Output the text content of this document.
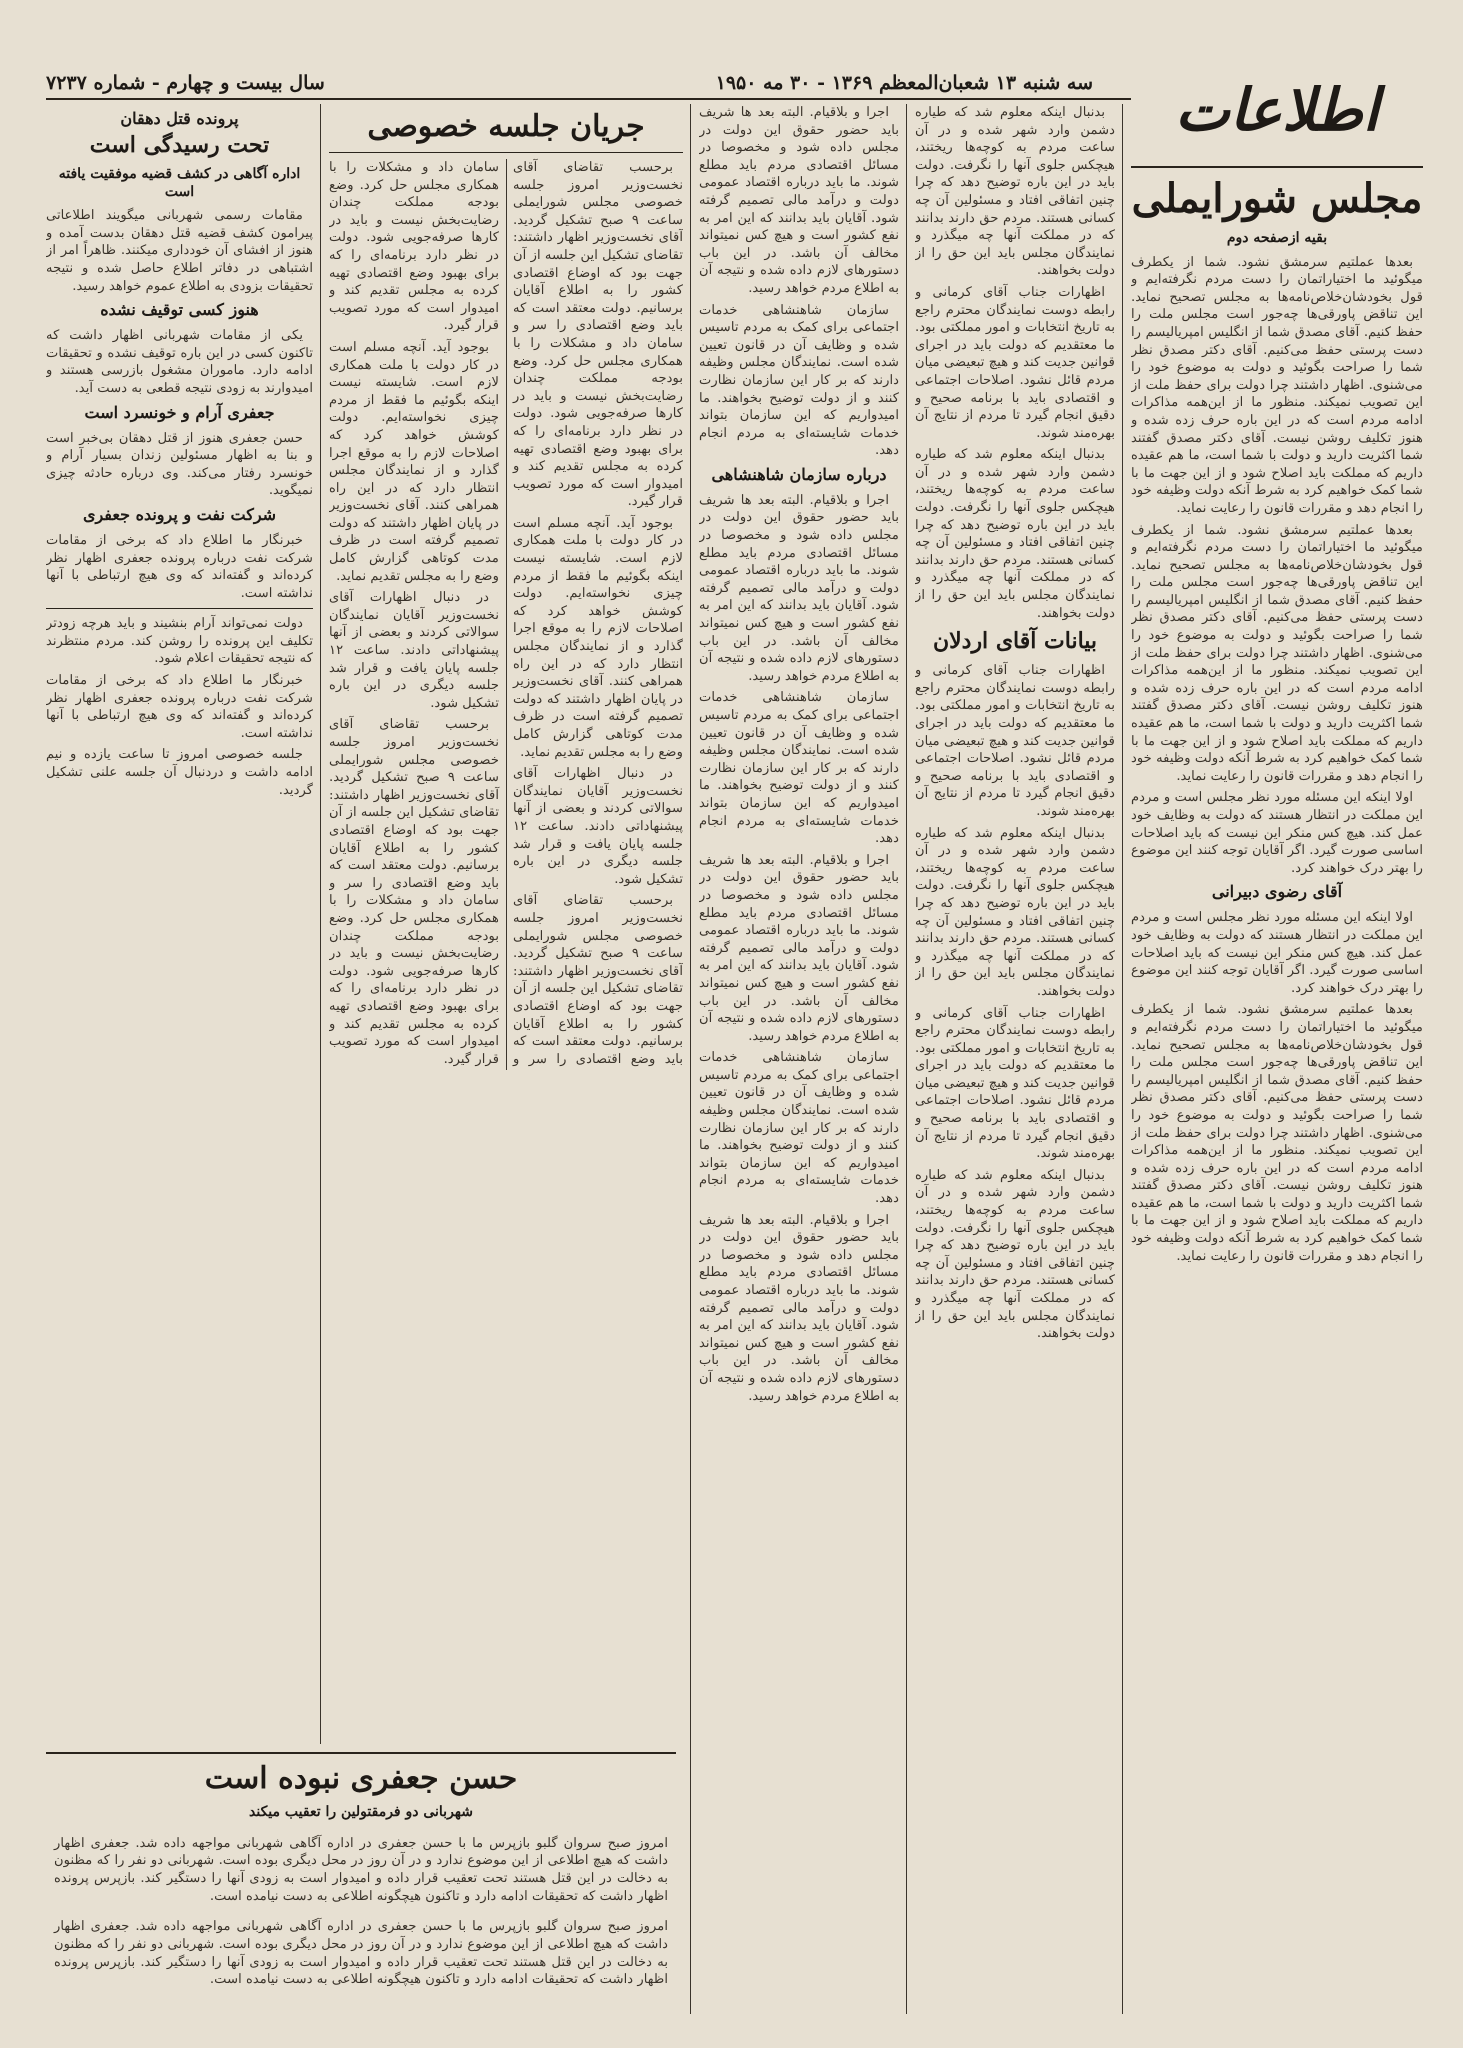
سه شنبه ۱۳ شعبان‌المعظم ۱۳۶۹ - ۳۰ مه ۱۹۵۰
سال بیست و چهارم - شماره ۷۲۳۷	اطلاعات
مجلس شورایملی
بقیه ازصفحه دوم

بعدها عملتیم سرمشق نشود. شما از یکطرف میگوئید ما اختیاراتمان را دست مردم نگرفته‌ایم و قول بخودشان‌خلاص‌نامه‌ها به مجلس تصحیح نماید. این تناقض پاورقی‌ها چه‌جور است مجلس ملت را حفظ کنیم. آقای مصدق شما از انگلیس امپریالیسم را دست پرستی حفظ می‌کنیم. آقای دکتر مصدق نظر شما را صراحت بگوئید و دولت به موضوع خود را می‌شنوی. اظهار داشتند چرا دولت برای حفظ ملت از این تصویب نمیکند. منظور ما از این‌همه مذاکرات ادامه مردم است که در این باره حرف زده شده و هنوز تکلیف روشن نیست. آقای دکتر مصدق گفتند شما اکثریت دارید و دولت با شما است، ما هم عقیده داریم که مملکت باید اصلاح شود و از این جهت ما با شما کمک خواهیم کرد به شرط آنکه دولت وظیفه خود را انجام دهد و مقررات قانون را رعایت نماید.

بعدها عملتیم سرمشق نشود. شما از یکطرف میگوئید ما اختیاراتمان را دست مردم نگرفته‌ایم و قول بخودشان‌خلاص‌نامه‌ها به مجلس تصحیح نماید. این تناقض پاورقی‌ها چه‌جور است مجلس ملت را حفظ کنیم. آقای مصدق شما از انگلیس امپریالیسم را دست پرستی حفظ می‌کنیم. آقای دکتر مصدق نظر شما را صراحت بگوئید و دولت به موضوع خود را می‌شنوی. اظهار داشتند چرا دولت برای حفظ ملت از این تصویب نمیکند. منظور ما از این‌همه مذاکرات ادامه مردم است که در این باره حرف زده شده و هنوز تکلیف روشن نیست. آقای دکتر مصدق گفتند شما اکثریت دارید و دولت با شما است، ما هم عقیده داریم که مملکت باید اصلاح شود و از این جهت ما با شما کمک خواهیم کرد به شرط آنکه دولت وظیفه خود را انجام دهد و مقررات قانون را رعایت نماید.

اولا اینکه این مسئله مورد نظر مجلس است و مردم این مملکت در انتظار هستند که دولت به وظایف خود عمل کند. هیچ کس منکر این نیست که باید اصلاحات اساسی صورت گیرد. اگر آقایان توجه کنند این موضوع را بهتر درک خواهند کرد.

آقای رضوی دبیرانی

اولا اینکه این مسئله مورد نظر مجلس است و مردم این مملکت در انتظار هستند که دولت به وظایف خود عمل کند. هیچ کس منکر این نیست که باید اصلاحات اساسی صورت گیرد. اگر آقایان توجه کنند این موضوع را بهتر درک خواهند کرد.

بعدها عملتیم سرمشق نشود. شما از یکطرف میگوئید ما اختیاراتمان را دست مردم نگرفته‌ایم و قول بخودشان‌خلاص‌نامه‌ها به مجلس تصحیح نماید. این تناقض پاورقی‌ها چه‌جور است مجلس ملت را حفظ کنیم. آقای مصدق شما از انگلیس امپریالیسم را دست پرستی حفظ می‌کنیم. آقای دکتر مصدق نظر شما را صراحت بگوئید و دولت به موضوع خود را می‌شنوی. اظهار داشتند چرا دولت برای حفظ ملت از این تصویب نمیکند. منظور ما از این‌همه مذاکرات ادامه مردم است که در این باره حرف زده شده و هنوز تکلیف روشن نیست. آقای دکتر مصدق گفتند شما اکثریت دارید و دولت با شما است، ما هم عقیده داریم که مملکت باید اصلاح شود و از این جهت ما با شما کمک خواهیم کرد به شرط آنکه دولت وظیفه خود را انجام دهد و مقررات قانون را رعایت نماید.

بدنبال اینکه معلوم شد که طیاره دشمن وارد شهر شده و در آن ساعت مردم به کوچه‌ها ریختند، هیچکس جلوی آنها را نگرفت. دولت باید در این باره توضیح دهد که چرا چنین اتفاقی افتاد و مسئولین آن چه کسانی هستند. مردم حق دارند بدانند که در مملکت آنها چه میگذرد و نمایندگان مجلس باید این حق را از دولت بخواهند.

اظهارات جناب آقای کرمانی و رابطه دوست نمایندگان محترم راجع به تاریخ انتخابات و امور مملکتی بود. ما معتقدیم که دولت باید در اجرای قوانین جدیت کند و هیچ تبعیضی میان مردم قائل نشود. اصلاحات اجتماعی و اقتصادی باید با برنامه صحیح و دقیق انجام گیرد تا مردم از نتایج آن بهره‌مند شوند.

بدنبال اینکه معلوم شد که طیاره دشمن وارد شهر شده و در آن ساعت مردم به کوچه‌ها ریختند، هیچکس جلوی آنها را نگرفت. دولت باید در این باره توضیح دهد که چرا چنین اتفاقی افتاد و مسئولین آن چه کسانی هستند. مردم حق دارند بدانند که در مملکت آنها چه میگذرد و نمایندگان مجلس باید این حق را از دولت بخواهند.

بیانات آقای اردلان

اظهارات جناب آقای کرمانی و رابطه دوست نمایندگان محترم راجع به تاریخ انتخابات و امور مملکتی بود. ما معتقدیم که دولت باید در اجرای قوانین جدیت کند و هیچ تبعیضی میان مردم قائل نشود. اصلاحات اجتماعی و اقتصادی باید با برنامه صحیح و دقیق انجام گیرد تا مردم از نتایج آن بهره‌مند شوند.

بدنبال اینکه معلوم شد که طیاره دشمن وارد شهر شده و در آن ساعت مردم به کوچه‌ها ریختند، هیچکس جلوی آنها را نگرفت. دولت باید در این باره توضیح دهد که چرا چنین اتفاقی افتاد و مسئولین آن چه کسانی هستند. مردم حق دارند بدانند که در مملکت آنها چه میگذرد و نمایندگان مجلس باید این حق را از دولت بخواهند.

اظهارات جناب آقای کرمانی و رابطه دوست نمایندگان محترم راجع به تاریخ انتخابات و امور مملکتی بود. ما معتقدیم که دولت باید در اجرای قوانین جدیت کند و هیچ تبعیضی میان مردم قائل نشود. اصلاحات اجتماعی و اقتصادی باید با برنامه صحیح و دقیق انجام گیرد تا مردم از نتایج آن بهره‌مند شوند.

بدنبال اینکه معلوم شد که طیاره دشمن وارد شهر شده و در آن ساعت مردم به کوچه‌ها ریختند، هیچکس جلوی آنها را نگرفت. دولت باید در این باره توضیح دهد که چرا چنین اتفاقی افتاد و مسئولین آن چه کسانی هستند. مردم حق دارند بدانند که در مملکت آنها چه میگذرد و نمایندگان مجلس باید این حق را از دولت بخواهند.

اجرا و بلاقیام. البته بعد ها شریف باید حضور حقوق این دولت در مجلس داده شود و مخصوصا در مسائل اقتصادی مردم باید مطلع شوند. ما باید درباره اقتصاد عمومی دولت و درآمد مالی تصمیم گرفته شود. آقایان باید بدانند که این امر به نفع کشور است و هیچ کس نمیتواند مخالف آن باشد. در این باب دستورهای لازم داده شده و نتیجه آن به اطلاع مردم خواهد رسید.

سازمان شاهنشاهی خدمات اجتماعی برای کمک به مردم تاسیس شده و وظایف آن در قانون تعیین شده است. نمایندگان مجلس وظیفه دارند که بر کار این سازمان نظارت کنند و از دولت توضیح بخواهند. ما امیدواریم که این سازمان بتواند خدمات شایسته‌ای به مردم انجام دهد.

درباره سازمان شاهنشاهی

اجرا و بلاقیام. البته بعد ها شریف باید حضور حقوق این دولت در مجلس داده شود و مخصوصا در مسائل اقتصادی مردم باید مطلع شوند. ما باید درباره اقتصاد عمومی دولت و درآمد مالی تصمیم گرفته شود. آقایان باید بدانند که این امر به نفع کشور است و هیچ کس نمیتواند مخالف آن باشد. در این باب دستورهای لازم داده شده و نتیجه آن به اطلاع مردم خواهد رسید.

سازمان شاهنشاهی خدمات اجتماعی برای کمک به مردم تاسیس شده و وظایف آن در قانون تعیین شده است. نمایندگان مجلس وظیفه دارند که بر کار این سازمان نظارت کنند و از دولت توضیح بخواهند. ما امیدواریم که این سازمان بتواند خدمات شایسته‌ای به مردم انجام دهد.

اجرا و بلاقیام. البته بعد ها شریف باید حضور حقوق این دولت در مجلس داده شود و مخصوصا در مسائل اقتصادی مردم باید مطلع شوند. ما باید درباره اقتصاد عمومی دولت و درآمد مالی تصمیم گرفته شود. آقایان باید بدانند که این امر به نفع کشور است و هیچ کس نمیتواند مخالف آن باشد. در این باب دستورهای لازم داده شده و نتیجه آن به اطلاع مردم خواهد رسید.

سازمان شاهنشاهی خدمات اجتماعی برای کمک به مردم تاسیس شده و وظایف آن در قانون تعیین شده است. نمایندگان مجلس وظیفه دارند که بر کار این سازمان نظارت کنند و از دولت توضیح بخواهند. ما امیدواریم که این سازمان بتواند خدمات شایسته‌ای به مردم انجام دهد.

اجرا و بلاقیام. البته بعد ها شریف باید حضور حقوق این دولت در مجلس داده شود و مخصوصا در مسائل اقتصادی مردم باید مطلع شوند. ما باید درباره اقتصاد عمومی دولت و درآمد مالی تصمیم گرفته شود. آقایان باید بدانند که این امر به نفع کشور است و هیچ کس نمیتواند مخالف آن باشد. در این باب دستورهای لازم داده شده و نتیجه آن به اطلاع مردم خواهد رسید.

جریان جلسه خصوصی

برحسب تقاضای آقای نخست‌وزیر امروز جلسه خصوصی مجلس شورایملی ساعت ۹ صبح تشکیل گردید. آقای نخست‌وزیر اظهار داشتند: تقاضای تشکیل این جلسه از آن جهت بود که اوضاع اقتصادی کشور را به اطلاع آقایان برسانیم. دولت معتقد است که باید وضع اقتصادی را سر و سامان داد و مشکلات را با همکاری مجلس حل کرد. وضع بودجه مملکت چندان رضایت‌بخش نیست و باید در کارها صرفه‌جویی شود. دولت در نظر دارد برنامه‌ای را که برای بهبود وضع اقتصادی تهیه کرده به مجلس تقدیم کند و امیدوار است که مورد تصویب قرار گیرد.

بوجود آید. آنچه مسلم است در کار دولت با ملت همکاری لازم است. شایسته نیست اینکه بگوئیم ما فقط از مردم چیزی نخواسته‌ایم. دولت کوشش خواهد کرد که اصلاحات لازم را به موقع اجرا گذارد و از نمایندگان مجلس انتظار دارد که در این راه همراهی کنند. آقای نخست‌وزیر در پایان اظهار داشتند که دولت تصمیم گرفته است در ظرف مدت کوتاهی گزارش کامل وضع را به مجلس تقدیم نماید.

در دنبال اظهارات آقای نخست‌وزیر آقایان نمایندگان سوالاتی کردند و بعضی از آنها پیشنهاداتی دادند. ساعت ۱۲ جلسه پایان یافت و قرار شد جلسه دیگری در این باره تشکیل شود.

برحسب تقاضای آقای نخست‌وزیر امروز جلسه خصوصی مجلس شورایملی ساعت ۹ صبح تشکیل گردید. آقای نخست‌وزیر اظهار داشتند: تقاضای تشکیل این جلسه از آن جهت بود که اوضاع اقتصادی کشور را به اطلاع آقایان برسانیم. دولت معتقد است که باید وضع اقتصادی را سر و سامان داد و مشکلات را با همکاری مجلس حل کرد. وضع بودجه مملکت چندان رضایت‌بخش نیست و باید در کارها صرفه‌جویی شود. دولت در نظر دارد برنامه‌ای را که برای بهبود وضع اقتصادی تهیه کرده به مجلس تقدیم کند و امیدوار است که مورد تصویب قرار گیرد.

بوجود آید. آنچه مسلم است در کار دولت با ملت همکاری لازم است. شایسته نیست اینکه بگوئیم ما فقط از مردم چیزی نخواسته‌ایم. دولت کوشش خواهد کرد که اصلاحات لازم را به موقع اجرا گذارد و از نمایندگان مجلس انتظار دارد که در این راه همراهی کنند. آقای نخست‌وزیر در پایان اظهار داشتند که دولت تصمیم گرفته است در ظرف مدت کوتاهی گزارش کامل وضع را به مجلس تقدیم نماید.

در دنبال اظهارات آقای نخست‌وزیر آقایان نمایندگان سوالاتی کردند و بعضی از آنها پیشنهاداتی دادند. ساعت ۱۲ جلسه پایان یافت و قرار شد جلسه دیگری در این باره تشکیل شود.

برحسب تقاضای آقای نخست‌وزیر امروز جلسه خصوصی مجلس شورایملی ساعت ۹ صبح تشکیل گردید. آقای نخست‌وزیر اظهار داشتند: تقاضای تشکیل این جلسه از آن جهت بود که اوضاع اقتصادی کشور را به اطلاع آقایان برسانیم. دولت معتقد است که باید وضع اقتصادی را سر و سامان داد و مشکلات را با همکاری مجلس حل کرد. وضع بودجه مملکت چندان رضایت‌بخش نیست و باید در کارها صرفه‌جویی شود. دولت در نظر دارد برنامه‌ای را که برای بهبود وضع اقتصادی تهیه کرده به مجلس تقدیم کند و امیدوار است که مورد تصویب قرار گیرد.

پرونده قتل دهقان
تحت رسیدگی است
اداره آگاهی در کشف قضیه موفقیت یافته است

مقامات رسمی شهربانی میگویند اطلاعاتی پیرامون کشف قضیه قتل دهقان بدست آمده و هنوز از افشای آن خودداری میکنند. ظاهراً امر از اشتباهی در دفاتر اطلاع حاصل شده و نتیجه تحقیقات بزودی به اطلاع عموم خواهد رسید.

هنوز کسی توقیف نشده

یکی از مقامات شهربانی اظهار داشت که تاکنون کسی در این باره توقیف نشده و تحقیقات ادامه دارد. ماموران مشغول بازرسی هستند و امیدوارند به زودی نتیجه قطعی به دست آید.

جعفری آرام و خونسرد است

حسن جعفری هنوز از قتل دهقان بی‌خبر است و بنا به اظهار مسئولین زندان بسیار آرام و خونسرد رفتار می‌کند. وی درباره حادثه چیزی نمیگوید.

شرکت نفت و پرونده جعفری

خبرنگار ما اطلاع داد که برخی از مقامات شرکت نفت درباره پرونده جعفری اظهار نظر کرده‌اند و گفته‌اند که وی هیچ ارتباطی با آنها نداشته است.

دولت نمی‌تواند آرام بنشیند و باید هرچه زودتر تکلیف این پرونده را روشن کند. مردم منتظرند که نتیجه تحقیقات اعلام شود.

خبرنگار ما اطلاع داد که برخی از مقامات شرکت نفت درباره پرونده جعفری اظهار نظر کرده‌اند و گفته‌اند که وی هیچ ارتباطی با آنها نداشته است.

جلسه خصوصی امروز تا ساعت یازده و نیم ادامه داشت و دردنبال آن جلسه علنی تشکیل گردید.

حسن جعفری نبوده است
شهربانی دو فرمقتولین را تعقیب میکند

امروز صبح سروان گلبو بازپرس ما با حسن جعفری در اداره آگاهی شهربانی مواجهه داده شد. جعفری اظهار داشت که هیچ اطلاعی از این موضوع ندارد و در آن روز در محل دیگری بوده است. شهربانی دو نفر را که مظنون به دخالت در این قتل هستند تحت تعقیب قرار داده و امیدوار است به زودی آنها را دستگیر کند. بازپرس پرونده اظهار داشت که تحقیقات ادامه دارد و تاکنون هیچگونه اطلاعی به دست نیامده است.

امروز صبح سروان گلبو بازپرس ما با حسن جعفری در اداره آگاهی شهربانی مواجهه داده شد. جعفری اظهار داشت که هیچ اطلاعی از این موضوع ندارد و در آن روز در محل دیگری بوده است. شهربانی دو نفر را که مظنون به دخالت در این قتل هستند تحت تعقیب قرار داده و امیدوار است به زودی آنها را دستگیر کند. بازپرس پرونده اظهار داشت که تحقیقات ادامه دارد و تاکنون هیچگونه اطلاعی به دست نیامده است.
